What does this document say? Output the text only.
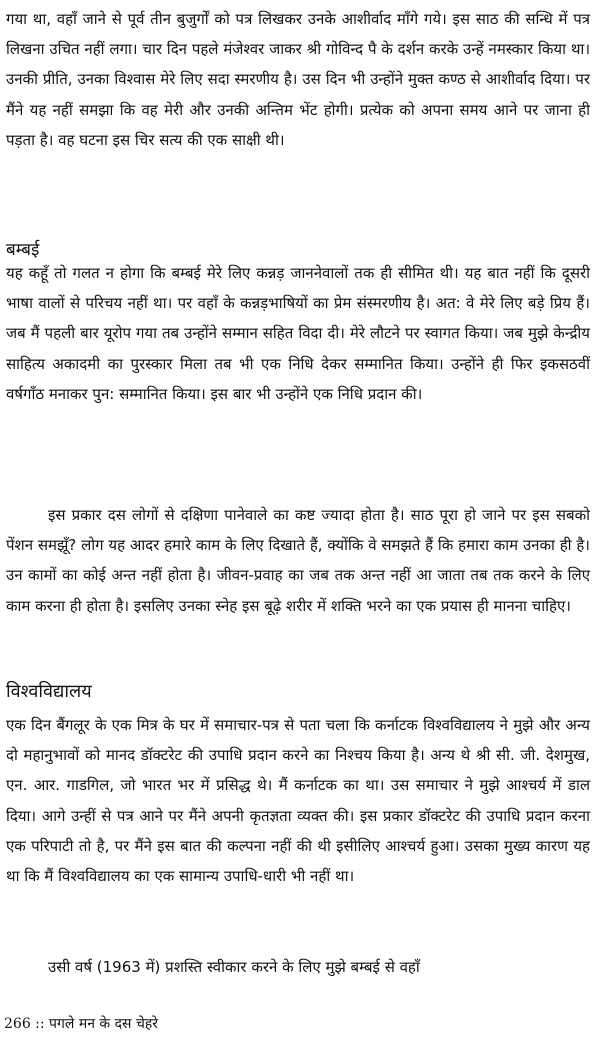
गया था, वहाँ जाने से पूर्व तीन बुजुर्गों को पत्र लिखकर उनके आशीर्वाद माँगे गये। इस साठ की सन्धि में पत्र लिखना उचित नहीं लगा। चार दिन पहले मंजेश्वर जाकर श्री गोविन्द पै के दर्शन करके उन्हें नमस्कार किया था। उनकी प्रीति, उनका विश्वास मेरे लिए सदा स्मरणीय है। उस दिन भी उन्होंने मुक्त कण्ठ से आशीर्वाद दिया। पर मैंने यह नहीं समझा कि वह मेरी और उनकी अन्तिम भेंट होगी। प्रत्येक को अपना समय आने पर जाना ही पड़ता है। वह घटना इस चिर सत्य की एक साक्षी थी।

बम्बई

यह कहूँ तो गलत न होगा कि बम्बई मेरे लिए कन्नड़ जाननेवालों तक ही सीमित थी। यह बात नहीं कि दूसरी भाषा वालों से परिचय नहीं था। पर वहाँ के कन्नड़भाषियों का प्रेम संस्मरणीय है। अत: वे मेरे लिए बड़े प्रिय हैं। जब मैं पहली बार यूरोप गया तब उन्होंने सम्मान सहित विदा दी। मेरे लौटने पर स्वागत किया। जब मुझे केन्द्रीय साहित्य अकादमी का पुरस्कार मिला तब भी एक निधि देकर सम्मानित किया। उन्होंने ही फिर इकसठवीं वर्षगाँठ मनाकर पुन: सम्मानित किया। इस बार भी उन्होंने एक निधि प्रदान की।

इस प्रकार दस लोगों से दक्षिणा पानेवाले का कष्ट ज्यादा होता है। साठ पूरा हो जाने पर इस सबको पेंशन समझूँ? लोग यह आदर हमारे काम के लिए दिखाते हैं, क्योंकि वे समझते हैं कि हमारा काम उनका ही है। उन कामों का कोई अन्त नहीं होता है। जीवन-प्रवाह का जब तक अन्त नहीं आ जाता तब तक करने के लिए काम करना ही होता है। इसलिए उनका स्नेह इस बूढ़े शरीर में शक्ति भरने का एक प्रयास ही मानना चाहिए।

विश्वविद्यालय

एक दिन बैंगलूर के एक मित्र के घर में समाचार-पत्र से पता चला कि कर्नाटक विश्वविद्यालय ने मुझे और अन्य दो महानुभावों को मानद डॉक्टरेट की उपाधि प्रदान करने का निश्चय किया है। अन्य थे श्री सी. जी. देशमुख, एन. आर. गाडगिल, जो भारत भर में प्रसिद्ध थे। मैं कर्नाटक का था। उस समाचार ने मुझे आश्चर्य में डाल दिया। आगे उन्हीं से पत्र आने पर मैंने अपनी कृतज्ञता व्यक्त की। इस प्रकार डॉक्टरेट की उपाधि प्रदान करना एक परिपाटी तो है, पर मैंने इस बात की कल्पना नहीं की थी इसीलिए आश्चर्य हुआ। उसका मुख्य कारण यह था कि मैं विश्वविद्यालय का एक सामान्य उपाधि-धारी भी नहीं था।

उसी वर्ष (1963 में) प्रशस्ति स्वीकार करने के लिए मुझे बम्बई से वहाँ

266 :: पगले मन के दस चेहरे
